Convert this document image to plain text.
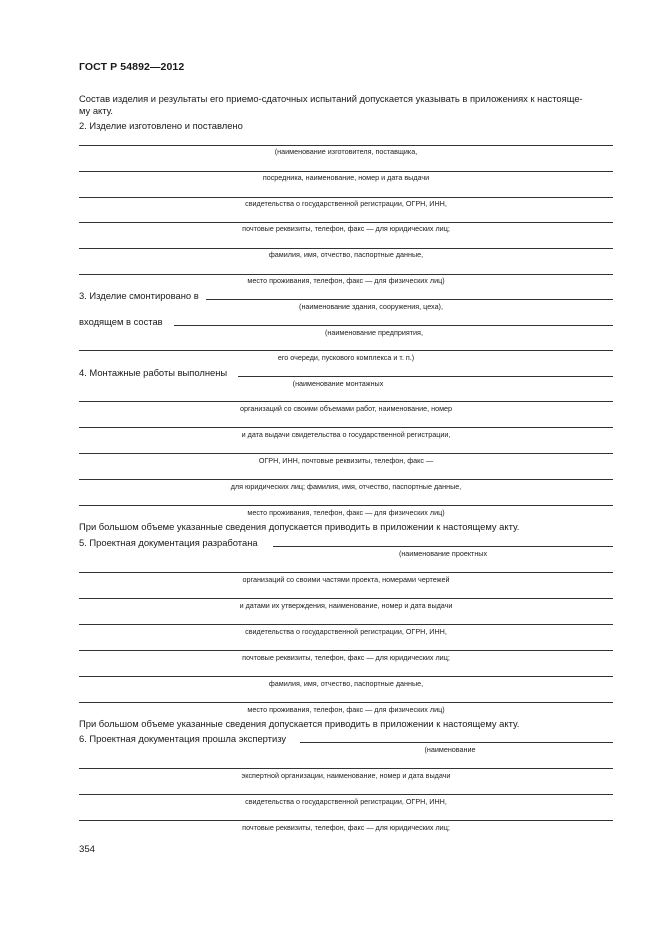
ГОСТ Р 54892—2012
Состав изделия и результаты его приемо-сдаточных испытаний допускается указывать в приложениях к настояще-
му акту.
2. Изделие изготовлено и поставлено
(наименование изготовителя, поставщика,
посредника, наименование, номер и дата выдачи
свидетельства о государственной регистрации, ОГРН, ИНН,
почтовые реквизиты, телефон, факс — для юридических лиц;
фамилия, имя, отчество, паспортные данные,
место проживания, телефон, факс — для физических лиц)
3. Изделие смонтировано в
(наименование здания, сооружения, цеха),
входящем в состав
(наименование предприятия,
его очереди, пускового комплекса и т. п.)
4. Монтажные работы выполнены
(наименование монтажных
организаций со своими объемами работ, наименование, номер
и дата выдачи свидетельства о государственной регистрации,
ОГРН, ИНН, почтовые реквизиты, телефон, факс —
для юридических лиц; фамилия, имя, отчество, паспортные данные,
место проживания, телефон, факс — для физических лиц)
При большом объеме указанные сведения допускается приводить в приложении к настоящему акту.
5. Проектная документация разработана
(наименование проектных
организаций со своими частями проекта, номерами чертежей
и датами их утверждения, наименование, номер и дата выдачи
свидетельства о государственной регистрации, ОГРН, ИНН,
почтовые реквизиты, телефон, факс — для юридических лиц;
фамилия, имя, отчество, паспортные данные,
место проживания, телефон, факс — для физических лиц)
При большом объеме указанные сведения допускается приводить в приложении к настоящему акту.
6. Проектная документация прошла экспертизу
(наименование
экспертной организации, наименование, номер и дата выдачи
свидетельства о государственной регистрации, ОГРН, ИНН,
почтовые реквизиты, телефон, факс — для юридических лиц;
354
